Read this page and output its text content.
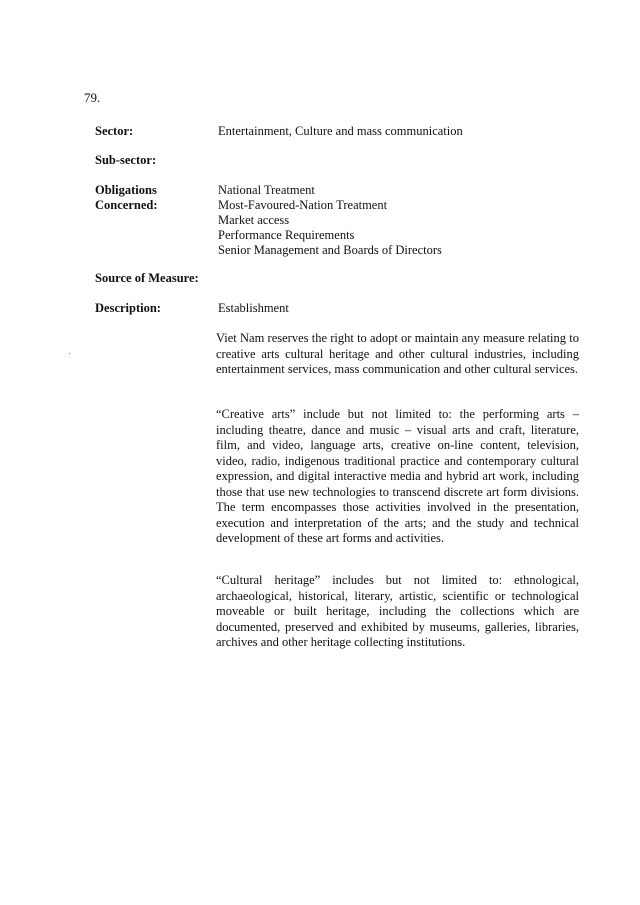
79.
Sector:	Entertainment, Culture and mass communication
Sub-sector:
Obligations
Concerned:
National Treatment
Most-Favoured-Nation Treatment
Market access
Performance Requirements
Senior Management and Boards of Directors
Source of Measure:
Description:	Establishment

Viet Nam reserves the right to adopt or maintain any measure relating to creative arts cultural heritage and other cultural industries, including entertainment services, mass communication and other cultural services.

“Creative arts” include but not limited to: the performing arts – including theatre, dance and music – visual arts and craft, literature, film, and video, language arts, creative on-line content, television, video, radio, indigenous traditional practice and contemporary cultural expression, and digital interactive media and hybrid art work, including those that use new technologies to transcend discrete art form divisions. The term encompasses those activities involved in the presentation, execution and interpretation of the arts; and the study and technical development of these art forms and activities.

“Cultural heritage” includes but not limited to: ethnological, archaeological, historical, literary, artistic, scientific or technological moveable or built heritage, including the collections which are documented, preserved and exhibited by museums, galleries, libraries, archives and other heritage collecting institutions.
